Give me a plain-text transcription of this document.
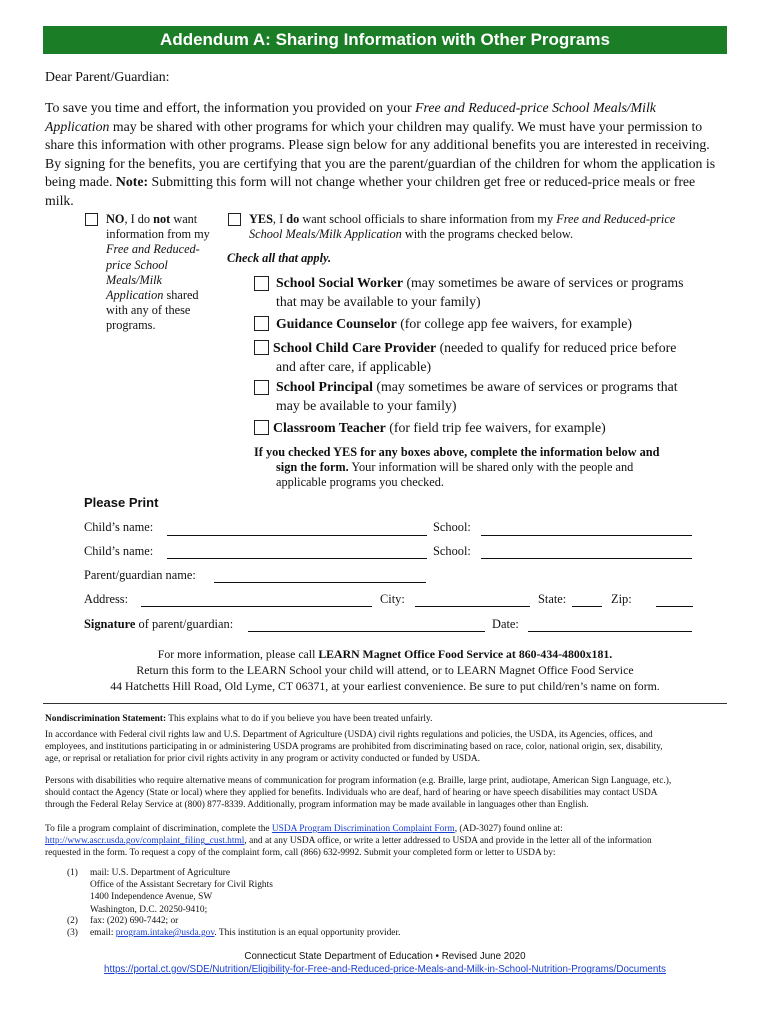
Addendum A: Sharing Information with Other Programs
Dear Parent/Guardian:
To save you time and effort, the information you provided on your Free and Reduced-price School Meals/Milk
Application may be shared with other programs for which your children may qualify. We must have your permission to
share this information with other programs. Please sign below for any additional benefits you are interested in receiving.
By signing for the benefits, you are certifying that you are the parent/guardian of the children for whom the application is
being made. Note: Submitting this form will not change whether your children get free or reduced-price meals or free
milk.
NO, I do not want
information from my
Free and Reduced-
price School
Meals/Milk
Application shared
with any of these
programs.
YES, I do want school officials to share information from my Free and Reduced-price
School Meals/Milk Application with the programs checked below.
Check all that apply.
School Social Worker (may sometimes be aware of services or programs
that may be available to your family)
Guidance Counselor (for college app fee waivers, for example)
School Child Care Provider (needed to qualify for reduced price before
and after care, if applicable)
School Principal (may sometimes be aware of services or programs that
may be available to your family)
Classroom Teacher (for field trip fee waivers, for example)
If you checked YES for any boxes above, complete the information below and
sign the form. Your information will be shared only with the people and
applicable programs you checked.
Please Print
Child’s name:	School:
Child’s name:	School:
Parent/guardian name:
Address:	City:	State:	Zip:
Signature of parent/guardian:	Date:
For more information, please call LEARN Magnet Office Food Service at 860-434-4800x181.
Return this form to the LEARN School your child will attend, or to LEARN Magnet Office Food Service
44 Hatchetts Hill Road, Old Lyme, CT 06371, at your earliest convenience. Be sure to put child/ren’s name on form.
Nondiscrimination Statement: This explains what to do if you believe you have been treated unfairly.
In accordance with Federal civil rights law and U.S. Department of Agriculture (USDA) civil rights regulations and policies, the USDA, its Agencies, offices, and
employees, and institutions participating in or administering USDA programs are prohibited from discriminating based on race, color, national origin, sex, disability,
age, or reprisal or retaliation for prior civil rights activity in any program or activity conducted or funded by USDA.
Persons with disabilities who require alternative means of communication for program information (e.g. Braille, large print, audiotape, American Sign Language, etc.),
should contact the Agency (State or local) where they applied for benefits. Individuals who are deaf, hard of hearing or have speech disabilities may contact USDA
through the Federal Relay Service at (800) 877-8339. Additionally, program information may be made available in languages other than English.
To file a program complaint of discrimination, complete the USDA Program Discrimination Complaint Form, (AD-3027) found online at:
http://www.ascr.usda.gov/complaint_filing_cust.html, and at any USDA office, or write a letter addressed to USDA and provide in the letter all of the information
requested in the form. To request a copy of the complaint form, call (866) 632-9992. Submit your completed form or letter to USDA by:
(1) mail: U.S. Department of Agriculture
Office of the Assistant Secretary for Civil Rights
1400 Independence Avenue, SW
Washington, D.C. 20250-9410;
(2) fax: (202) 690-7442; or
(3) email: program.intake@usda.gov. This institution is an equal opportunity provider.
Connecticut State Department of Education • Revised June 2020
https://portal.ct.gov/SDE/Nutrition/Eligibility-for-Free-and-Reduced-price-Meals-and-Milk-in-School-Nutrition-Programs/Documents
